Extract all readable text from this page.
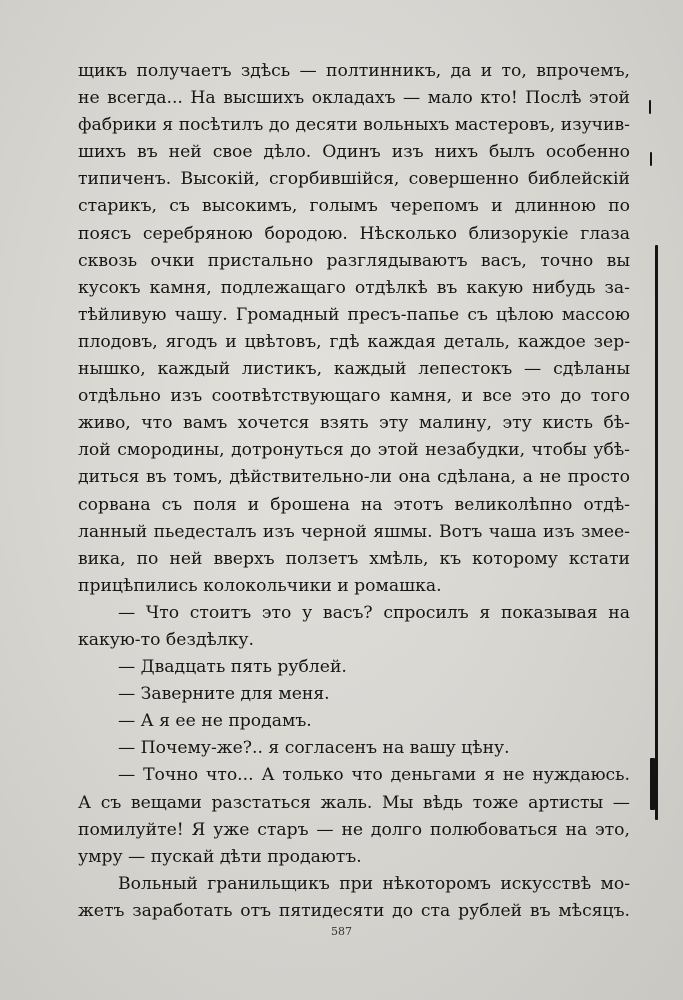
щикъ получаетъ здѣсь — полтинникъ, да и то, впрочемъ,
не всегда... На высшихъ окладахъ — мало кто! Послѣ этой
фабрики я посѣтилъ до десяти вольныхъ мастеровъ, изучив-
шихъ въ ней свое дѣло. Одинъ изъ нихъ былъ особенно
типиченъ. Высокій, сгорбившійся, совершенно библейскій
старикъ, съ высокимъ, голымъ черепомъ и длинною по
поясъ серебряною бородою. Нѣсколько близорукіе глаза
сквозь очки пристально разглядываютъ васъ, точно вы
кусокъ камня, подлежащаго отдѣлкѣ въ какую нибудь за-
тѣйливую чашу. Громадный пресъ-папье съ цѣлою массою
плодовъ, ягодъ и цвѣтовъ, гдѣ каждая деталь, каждое зер-
нышко, каждый листикъ, каждый лепестокъ — сдѣланы
отдѣльно изъ соотвѣтствующаго камня, и все это до того
живо, что вамъ хочется взять эту малину, эту кисть бѣ-
лой смородины, дотронуться до этой незабудки, чтобы убѣ-
диться въ томъ, дѣйствительно-ли она сдѣлана, а не просто
сорвана съ поля и брошена на этотъ великолѣпно отдѣ-
ланный пьедесталъ изъ черной яшмы. Вотъ чаша изъ змее-
вика, по ней вверхъ ползетъ хмѣль, къ которому кстати
прицѣпились колокольчики и ромашка.
— Что стоитъ это у васъ? спросилъ я показывая на
какую-то бездѣлку.
— Двадцать пять рублей.
— Заверните для меня.
— А я ее не продамъ.
— Почему-же?.. я согласенъ на вашу цѣну.
— Точно что... А только что деньгами я не нуждаюсь.
А съ вещами разстаться жаль. Мы вѣдь тоже артисты —
помилуйте! Я уже старъ — не долго полюбоваться на это,
умру — пускай дѣти продаютъ.
Вольный гранильщикъ при нѣкоторомъ искусствѣ мо-
жетъ заработать отъ пятидесяти до ста рублей въ мѣсяцъ.
587
